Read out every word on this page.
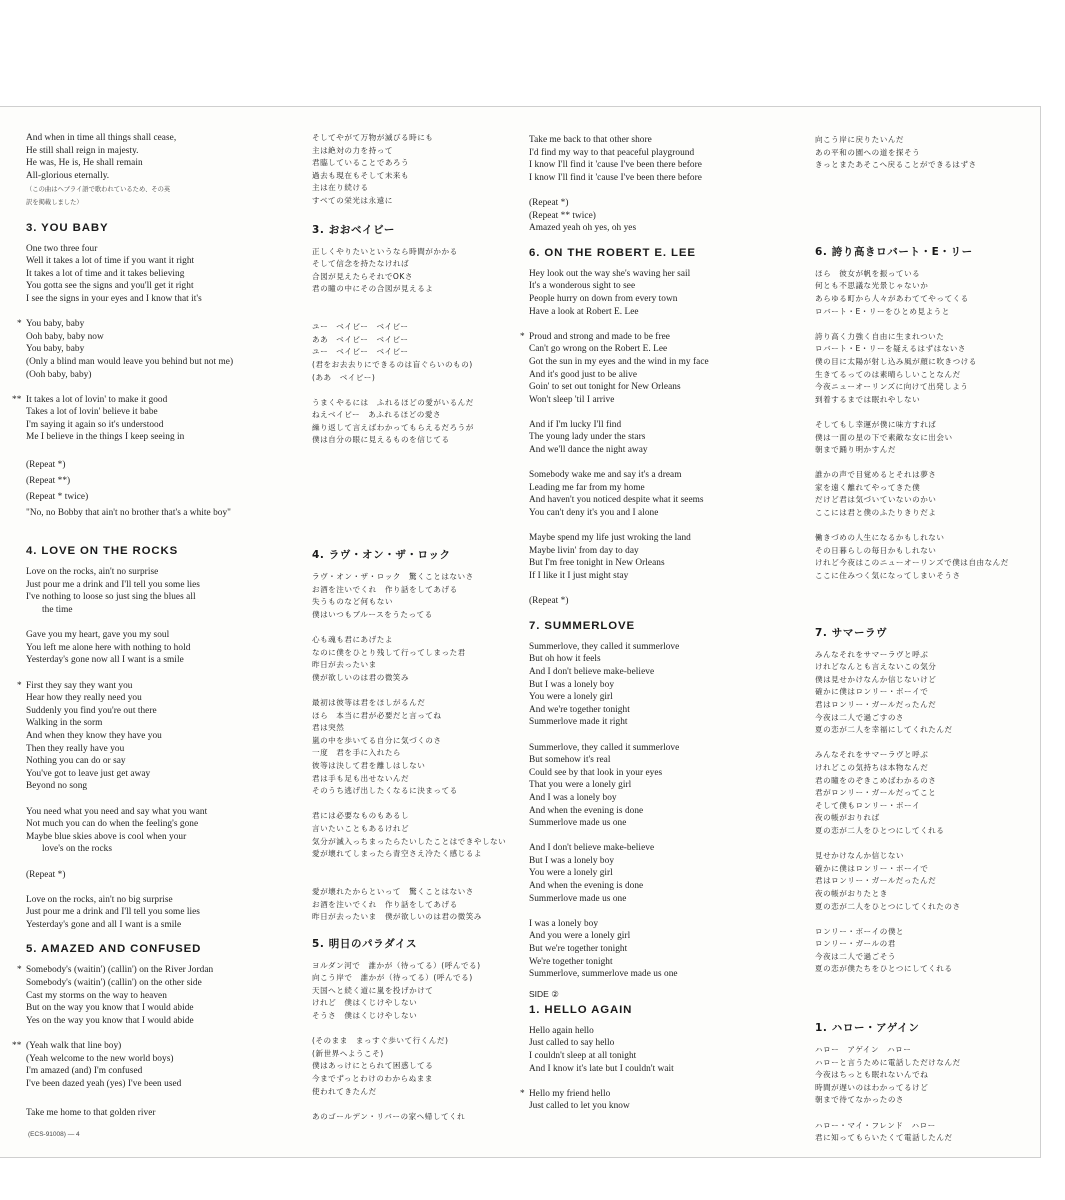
And when in time all things shall cease,
He still shall reign in majesty.
He was, He is, He shall remain
All-glorious eternally.
（この曲はヘブライ語で歌われているため、その英
訳を掲載しました）
3. YOU BABY
One two three four
Well it takes a lot of time if you want it right
It takes a lot of time and it takes believing
You gotta see the signs and you'll get it right
I see the signs in your eyes and I know that it's
You baby, baby
Ooh baby, baby now
You baby, baby
(Only a blind man would leave you behind but not me)
(Ooh baby, baby)
*
It takes a lot of lovin' to make it good
Takes a lot of lovin' believe it babe
I'm saying it again so it's understood
Me I believe in the things I keep seeing in
**
(Repeat *)
(Repeat **)
(Repeat * twice)
"No, no Bobby that ain't no brother that's a white boy"
4. LOVE ON THE ROCKS
Love on the rocks, ain't no surprise
Just pour me a drink and I'll tell you some lies
I've nothing to loose so just sing the blues all
the time
Gave you my heart, gave you my soul
You left me alone here with nothing to hold
Yesterday's gone now all I want is a smile
First they say they want you
Hear how they really need you
Suddenly you find you're out there
Walking in the sorm
And when they know they have you
Then they really have you
Nothing you can do or say
You've got to leave just get away
Beyond no song
*
You need what you need and say what you want
Not much you can do when the feeling's gone
Maybe blue skies above is cool when your
love's on the rocks
(Repeat *)
Love on the rocks, ain't no big surprise
Just pour me a drink and I'll tell you some lies
Yesterday's gone and all I want is a smile
5. AMAZED AND CONFUSED
Somebody's (waitin') (callin') on the River Jordan
Somebody's (waitin') (callin') on the other side
Cast my storms on the way to heaven
But on the way you know that I would abide
Yes on the way you know that I would abide
*
(Yeah walk that line boy)
(Yeah welcome to the new world boys)
I'm amazed (and) I'm confused
I've been dazed yeah (yes) I've been used
**
Take me home to that golden river
そしてやがて万物が滅びる時にも
主は絶対の力を持って
君臨していることであろう
過去も現在もそして未来も
主は在り続ける
すべての栄光は永遠に
3. おおベイビー
正しくやりたいというなら時間がかかる
そして信念を持たなければ
合図が見えたらそれでOKさ
君の瞳の中にその合図が見えるよ
ユー　ベイビー　ベイビー
ああ　ベイビー　ベイビー
ユー　ベイビー　ベイビー
(君をお去去りにできるのは盲ぐらいのもの)
(ああ　ベイビー)
うまくやるには　ふれるほどの愛がいるんだ
ねえベイビー　あふれるほどの愛さ
繰り返して言えばわかってもらえるだろうが
僕は自分の眼に見えるものを信じてる
4. ラヴ・オン・ザ・ロック
ラヴ・オン・ザ・ロック　驚くことはないさ
お酒を注いでくれ　作り話をしてあげる
失うものなど何もない
僕はいつもブルースをうたってる
心も魂も君にあげたよ
なのに僕をひとり残して行ってしまった君
昨日が去ったいま
僕が欲しいのは君の微笑み
最初は彼等は君をほしがるんだ
ほら　本当に君が必要だと言ってね
君は突然
嵐の中を歩いてる自分に気づくのさ
一度　君を手に入れたら
彼等は決して君を離しはしない
君は手も足も出せないんだ
そのうち逃げ出したくなるに決まってる
君には必要なものもあるし
言いたいこともあるけれど
気分が滅入っちまったらたいしたことはできやしない
愛が壊れてしまったら青空さえ冷たく感じるよ
愛が壊れたからといって　驚くことはないさ
お酒を注いでくれ　作り話をしてあげる
昨日が去ったいま　僕が欲しいのは君の微笑み
5. 明日のパラダイス
ヨルダン河で　誰かが（待ってる）(呼んでる)
向こう岸で　誰かが（待ってる）(呼んでる)
天国へと続く道に嵐を投げかけて
けれど　僕はくじけやしない
そうさ　僕はくじけやしない
(そのまま　まっすぐ歩いて行くんだ)
(新世界へようこそ)
僕はあっけにとられて困惑してる
今までずっとわけのわからぬまま
使われてきたんだ
あのゴールデン・リバーの家へ帰してくれ
Take me back to that other shore
I'd find my way to that peaceful playground
I know I'll find it 'cause I've been there before
I know I'll find it 'cause I've been there before
(Repeat *)
(Repeat ** twice)
Amazed yeah oh yes, oh yes
6. ON THE ROBERT E. LEE
Hey look out the way she's waving her sail
It's a wonderous sight to see
People hurry on down from every town
Have a look at Robert E. Lee
Proud and strong and made to be free
Can't go wrong on the Robert E. Lee
Got the sun in my eyes and the wind in my face
And it's good just to be alive
Goin' to set out tonight for New Orleans
Won't sleep 'til I arrive
*
And if I'm lucky I'll find
The young lady under the stars
And we'll dance the night away
Somebody wake me and say it's a dream
Leading me far from my home
And haven't you noticed despite what it seems
You can't deny it's you and I alone
Maybe spend my life just wroking the land
Maybe livin' from day to day
But I'm free tonight in New Orleans
If I like it I just might stay
(Repeat *)
7. SUMMERLOVE
Summerlove, they called it summerlove
But oh how it feels
And I don't believe make-believe
But I was a lonely boy
You were a lonely girl
And we're together tonight
Summerlove made it right
Summerlove, they called it summerlove
But somehow it's real
Could see by that look in your eyes
That you were a lonely girl
And I was a lonely boy
And when the evening is done
Summerlove made us one
And I don't believe make-believe
But I was a lonely boy
You were a lonely girl
And when the evening is done
Summerlove made us one
I was a lonely boy
And you were a lonely girl
But we're together tonight
We're together tonight
Summerlove, summerlove made us one
SIDE ②
1. HELLO AGAIN
Hello again hello
Just called to say hello
I couldn't sleep at all tonight
And I know it's late but I couldn't wait
Hello my friend hello
Just called to let you know
*
向こう岸に戻りたいんだ
あの平和の園への道を探そう
きっとまたあそこへ戻ることができるはずさ
6. 誇り高きロバート・E・リー
ほら　彼女が帆を振っている
何とも不思議な光景じゃないか
あらゆる町から人々があわててやってくる
ロバート・E・リーをひとめ見ようと
誇り高く力強く自由に生まれついた
ロバート・E・リーを疑えるはずはないさ
僕の目に太陽が射し込み風が顔に吹きつける
生きてるってのは素晴らしいことなんだ
今夜ニューオーリンズに向けて出発しよう
到着するまでは眠れやしない
そしてもし幸運が僕に味方すれば
僕は一面の星の下で素敵な女に出会い
朝まで踊り明かすんだ
誰かの声で目覚めるとそれは夢さ
家を遠く離れてやってきた僕
だけど君は気づいていないのかい
ここには君と僕のふたりきりだよ
働きづめの人生になるかもしれない
その日暮らしの毎日かもしれない
けれど今夜はこのニューオーリンズで僕は自由なんだ
ここに住みつく気になってしまいそうさ
7. サマーラヴ
みんなそれをサマーラヴと呼ぶ
けれどなんとも言えないこの気分
僕は見せかけなんか信じないけど
確かに僕はロンリー・ボーイで
君はロンリー・ガールだったんだ
今夜は二人で過ごすのさ
夏の恋が二人を幸福にしてくれたんだ
みんなそれをサマーラヴと呼ぶ
けれどこの気持ちは本物なんだ
君の瞳をのぞきこめばわかるのさ
君がロンリー・ガールだってこと
そして僕もロンリー・ボーイ
夜の帳がおりれば
夏の恋が二人をひとつにしてくれる
見せかけなんか信じない
確かに僕はロンリー・ボーイで
君はロンリー・ガールだったんだ
夜の帳がおりたとき
夏の恋が二人をひとつにしてくれたのさ
ロンリー・ボーイの僕と
ロンリー・ガールの君
今夜は二人で過ごそう
夏の恋が僕たちをひとつにしてくれる
1. ハロー・アゲイン
ハロー　アゲイン　ハロー
ハローと言うために電話しただけなんだ
今夜はちっとも眠れないんでね
時間が遅いのはわかってるけど
朝まで待てなかったのさ
ハロー・マイ・フレンド　ハロー
君に知ってもらいたくて電話したんだ
(ECS-91008) — 4
